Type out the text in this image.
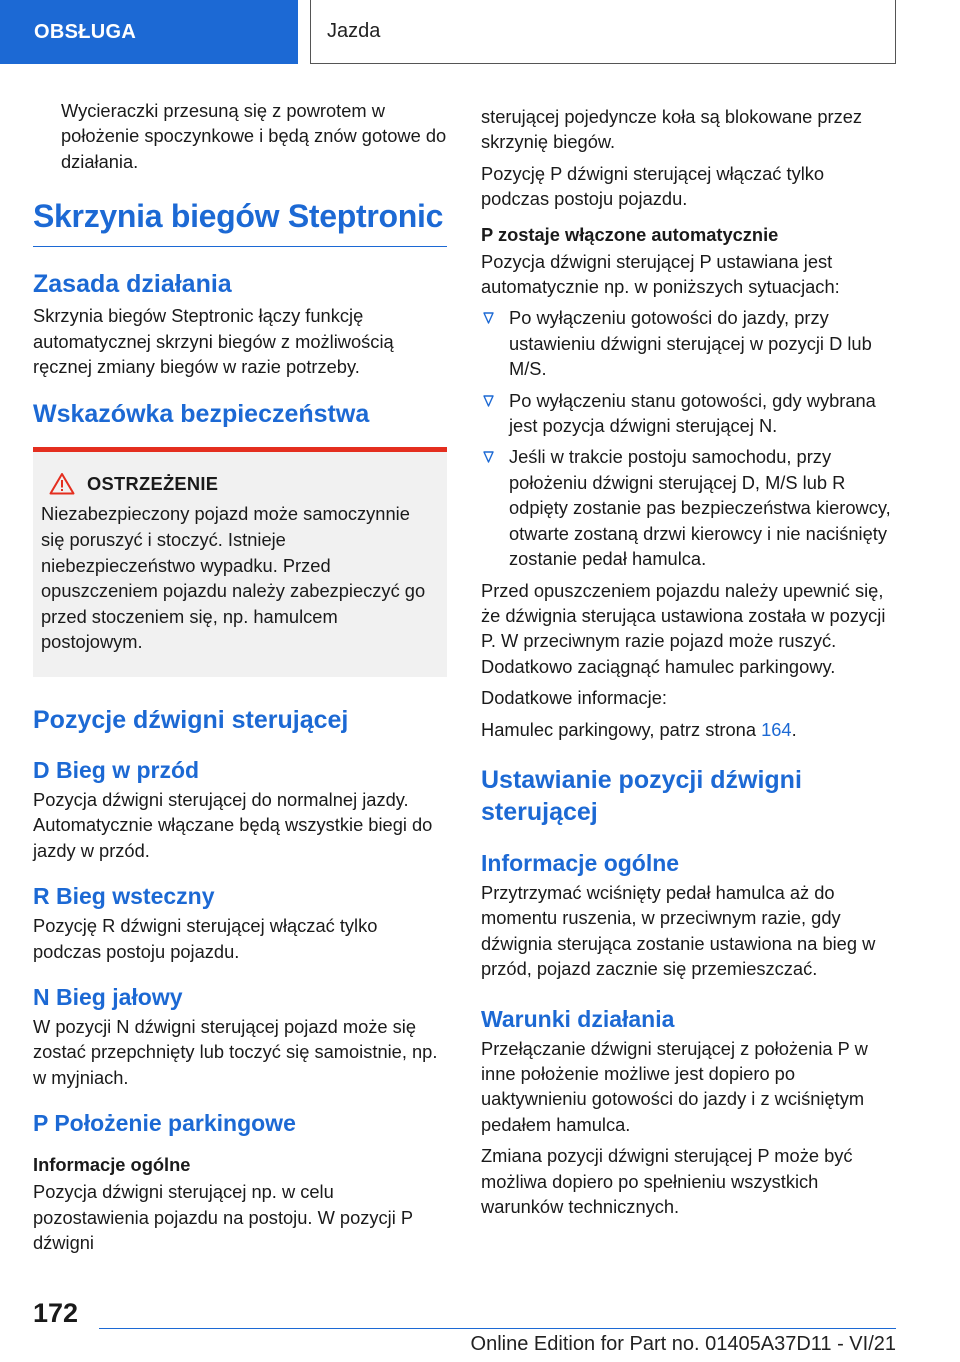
OBSŁUGA	Jazda

Wycieraczki przesuną się z powrotem w położenie spoczynkowe i będą znów gotowe do działania.

Skrzynia biegów Steptronic
Zasada działania

Skrzynia biegów Steptronic łączy funkcję automatycznej skrzyni biegów z możliwością ręcznej zmiany biegów w razie potrzeby.

Wskazówka bezpieczeństwa
OSTRZEŻENIE

Niezabezpieczony pojazd może samoczynnie się poruszyć i stoczyć. Istnieje niebezpieczeństwo wypadku. Przed opuszczeniem pojazdu należy zabezpieczyć go przed stoczeniem się, np. hamulcem postojowym.

Pozycje dźwigni sterującej
D Bieg w przód

Pozycja dźwigni sterującej do normalnej jazdy. Automatycznie włączane będą wszystkie biegi do jazdy w przód.

R Bieg wsteczny

Pozycję R dźwigni sterującej włączać tylko podczas postoju pojazdu.

N Bieg jałowy

W pozycji N dźwigni sterującej pojazd może się zostać przepchnięty lub toczyć się samoistnie, np. w myjniach.

P Położenie parkingowe
Informacje ogólne

Pozycja dźwigni sterującej np. w celu pozostawienia pojazdu na postoju. W pozycji P dźwigni

sterującej pojedyncze koła są blokowane przez skrzynię biegów.

Pozycję P dźwigni sterującej włączać tylko podczas postoju pojazdu.

P zostaje włączone automatycznie

Pozycja dźwigni sterującej P ustawiana jest automatycznie np. w poniższych sytuacjach:

Po wyłączeniu gotowości do jazdy, przy ustawieniu dźwigni sterującej w pozycji D lub M/S.
Po wyłączeniu stanu gotowości, gdy wybrana jest pozycja dźwigni sterującej N.
Jeśli w trakcie postoju samochodu, przy położeniu dźwigni sterującej D, M/S lub R odpięty zostanie pas bezpieczeństwa kierowcy, otwarte zostaną drzwi kierowcy i nie naciśnięty zostanie pedał hamulca.

Przed opuszczeniem pojazdu należy upewnić się, że dźwignia sterująca ustawiona została w pozycji P. W przeciwnym razie pojazd może ruszyć. Dodatkowo zaciągnąć hamulec parkingowy.

Dodatkowe informacje:

Hamulec parkingowy, patrz strona 164.

Ustawianie pozycji dźwigni sterującej
Informacje ogólne

Przytrzymać wciśnięty pedał hamulca aż do momentu ruszenia, w przeciwnym razie, gdy dźwignia sterująca zostanie ustawiona na bieg w przód, pojazd zacznie się przemieszczać.

Warunki działania

Przełączanie dźwigni sterującej z położenia P w inne położenie możliwe jest dopiero po uaktywnieniu gotowości do jazdy i z wciśniętym pedałem hamulca.

Zmiana pozycji dźwigni sterującej P może być możliwa dopiero po spełnieniu wszystkich warunków technicznych.

172
Online Edition for Part no. 01405A37D11 - VI/21
